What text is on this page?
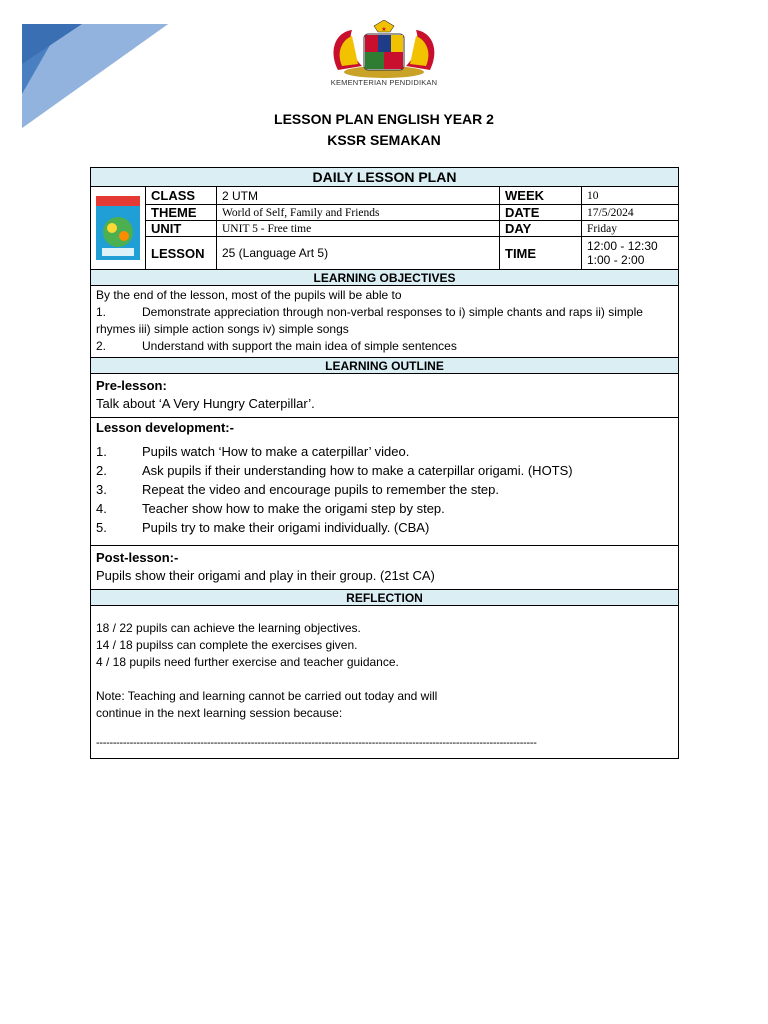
★
KEMENTERIAN PENDIDIKAN
LESSON PLAN ENGLISH YEAR 2
KSSR SEMAKAN
DAILY LESSON PLAN
CLASS	2 UTM	WEEK	10
THEME	World of Self, Family and Friends	DATE	17/5/2024
UNIT	UNIT 5 - Free time	DAY	Friday
LESSON	25 (Language Art 5)	TIME	12:00 - 12:30
1:00 - 2:00
LEARNING OBJECTIVES
By the end of the lesson, most of the pupils will be able to
1.	Demonstrate appreciation through non-verbal responses to i) simple chants and raps ii) simple
rhymes iii) simple action songs iv) simple songs
2.	Understand with support the main idea of simple sentences
LEARNING OUTLINE
Pre-lesson:

Talk about ‘A Very Hungry Caterpillar’.

Lesson development:-
1.	Pupils watch ‘How to make a caterpillar’ video.
2.	Ask pupils if their understanding how to make a caterpillar origami. (HOTS)
3.	Repeat the video and encourage pupils to remember the step.
4.	Teacher show how to make the origami step by step.
5.	Pupils try to make their origami individually. (CBA)
Post-lesson:-

Pupils show their origami and play in their group. (21st CA)

REFLECTION
18 / 22 pupils can achieve the learning objectives.
14 / 18 pupilss can complete the exercises given.
4 / 18 pupils need further exercise and teacher guidance.
Note: Teaching and learning cannot be carried out today and will
continue in the next learning session because:
-----------------------------------------------------------------------------------------------------------------------------------
